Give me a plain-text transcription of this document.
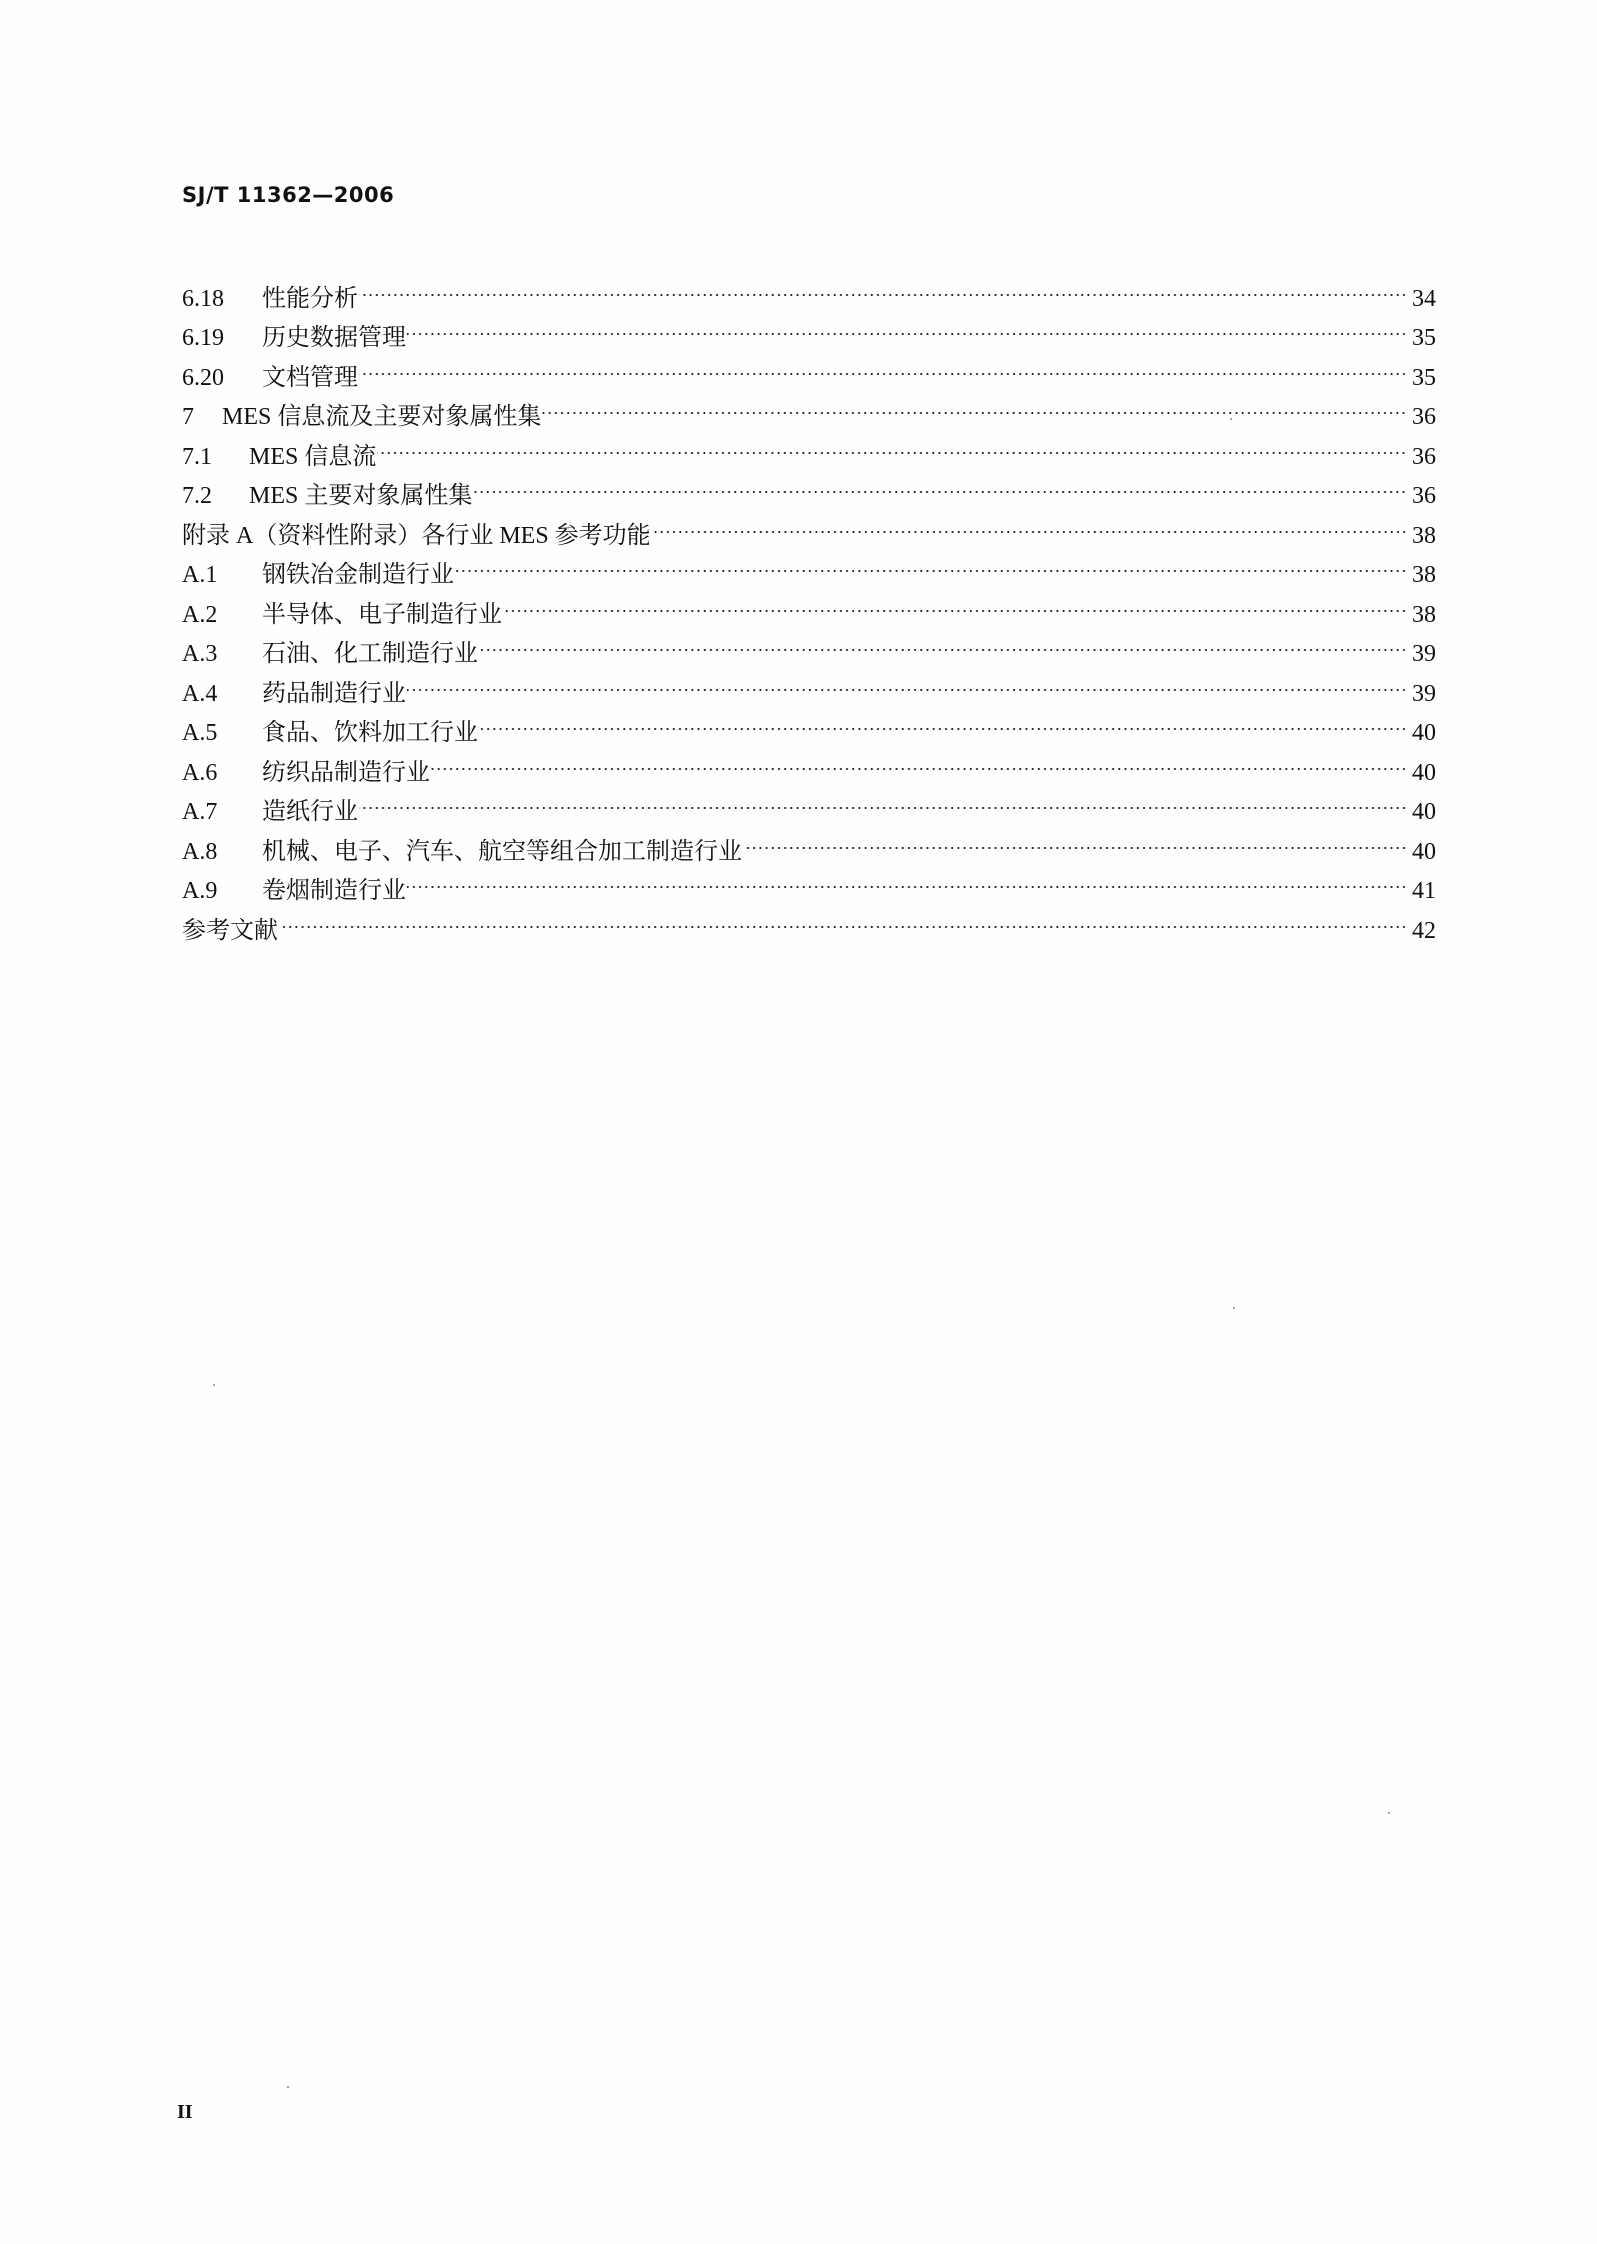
SJ/T 11362—2006
6.18	性能分析	34
6.19	历史数据管理	35
6.20	文档管理	35
7	MES 信息流及主要对象属性集	36
7.1	MES 信息流	36
7.2	MES 主要对象属性集	36
附录 A（资料性附录）各行业 MES 参考功能	38
A.1	钢铁冶金制造行业	38
A.2	半导体、电子制造行业	38
A.3	石油、化工制造行业	39
A.4	药品制造行业	39
A.5	食品、饮料加工行业	40
A.6	纺织品制造行业	40
A.7	造纸行业	40
A.8	机械、电子、汽车、航空等组合加工制造行业	40
A.9	卷烟制造行业	41
参考文献	42
II
